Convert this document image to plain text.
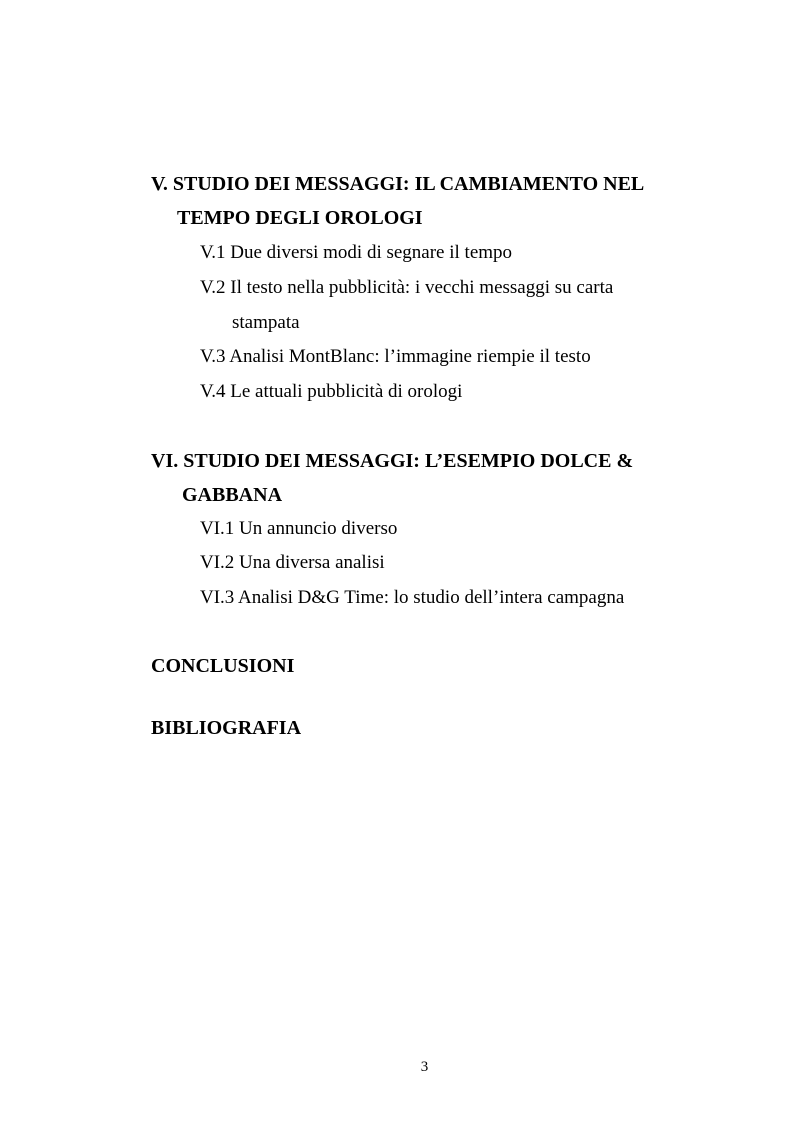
V. STUDIO DEI MESSAGGI: IL CAMBIAMENTO NEL
TEMPO DEGLI OROLOGI
V.1 Due diversi modi di segnare il tempo
V.2 Il testo nella pubblicità: i vecchi messaggi su carta
stampata
V.3 Analisi MontBlanc: l’immagine riempie il testo
V.4 Le attuali pubblicità di orologi
VI. STUDIO DEI MESSAGGI: L’ESEMPIO DOLCE &
GABBANA
VI.1 Un annuncio diverso
VI.2 Una diversa analisi
VI.3 Analisi D&G Time: lo studio dell’intera campagna
CONCLUSIONI
BIBLIOGRAFIA
3
